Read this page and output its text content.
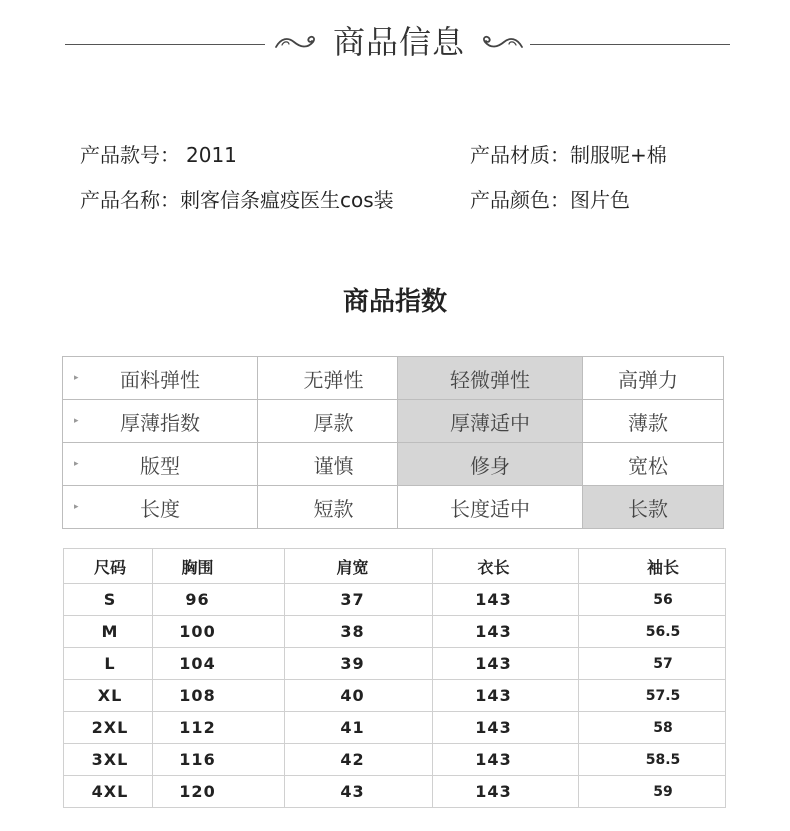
商品信息
产品款号： 2011	产品材质：制服呢+棉
产品名称：刺客信条瘟疫医生cos装	产品颜色：图片色
商品指数
▸ 面料弹性	无弹性	轻微弹性	高弹力

▸ 厚薄指数	厚款	厚薄适中	薄款

▸ 版型	谨慎	修身	宽松

▸ 长度	短款	长度适中	长款
尺码	胸围	肩宽	衣长	袖长
S	96	37	143	56
M	100	38	143	56.5
L	104	39	143	57
XL	108	40	143	57.5
2XL	112	41	143	58
3XL	116	42	143	58.5
4XL	120	43	143	59
